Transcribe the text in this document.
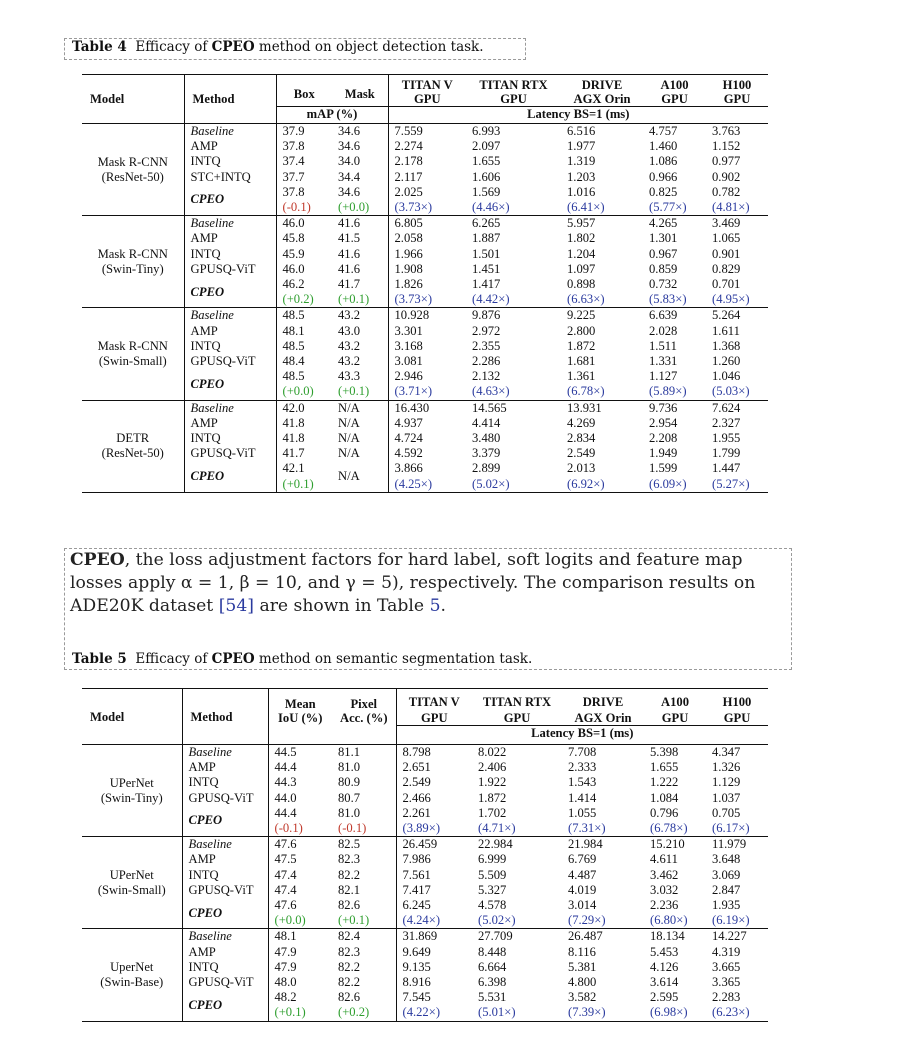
Table 4 Efficacy of CPEO method on object detection task.
Model	Method	Box	Mask	TITAN V	TITAN RTX	DRIVE	A100	H100
				GPU	GPU	AGX Orin	GPU	GPU
		mAP (%)		Latency BS=1 (ms)				

Mask R-CNN
(ResNet-50)	Baseline	37.9	34.6	7.559	6.993	6.516	4.757	3.763
	AMP	37.8	34.6	2.274	2.097	1.977	1.460	1.152
	INTQ	37.4	34.0	2.178	1.655	1.319	1.086	0.977
	STC+INTQ	37.7	34.4	2.117	1.606	1.203	0.966	0.902
	CPEO	37.8	34.6	2.025	1.569	1.016	0.825	0.782
		(-0.1)	(+0.0)	(3.73×)	(4.46×)	(6.41×)	(5.77×)	(4.81×)

Mask R-CNN
(Swin-Tiny)	Baseline	46.0	41.6	6.805	6.265	5.957	4.265	3.469
	AMP	45.8	41.5	2.058	1.887	1.802	1.301	1.065
	INTQ	45.9	41.6	1.966	1.501	1.204	0.967	0.901
	GPUSQ-ViT	46.0	41.6	1.908	1.451	1.097	0.859	0.829
	CPEO	46.2	41.7	1.826	1.417	0.898	0.732	0.701
		(+0.2)	(+0.1)	(3.73×)	(4.42×)	(6.63×)	(5.83×)	(4.95×)

Mask R-CNN
(Swin-Small)	Baseline	48.5	43.2	10.928	9.876	9.225	6.639	5.264
	AMP	48.1	43.0	3.301	2.972	2.800	2.028	1.611
	INTQ	48.5	43.2	3.168	2.355	1.872	1.511	1.368
	GPUSQ-ViT	48.4	43.2	3.081	2.286	1.681	1.331	1.260
	CPEO	48.5	43.3	2.946	2.132	1.361	1.127	1.046
		(+0.0)	(+0.1)	(3.71×)	(4.63×)	(6.78×)	(5.89×)	(5.03×)

DETR
(ResNet-50)	Baseline	42.0	N/A	16.430	14.565	13.931	9.736	7.624
	AMP	41.8	N/A	4.937	4.414	4.269	2.954	2.327
	INTQ	41.8	N/A	4.724	3.480	2.834	2.208	1.955
	GPUSQ-ViT	41.7	N/A	4.592	3.379	2.549	1.949	1.799
	CPEO	42.1	N/A	3.866	2.899	2.013	1.599	1.447
		(+0.1)		(4.25×)	(5.02×)	(6.92×)	(6.09×)	(5.27×)
CPEO, the loss adjustment factors for hard label, soft logits and feature map losses apply α = 1, β = 10, and γ = 5), respectively. The comparison results on ADE20K dataset [54] are shown in Table 5.
Table 5 Efficacy of CPEO method on semantic segmentation task.
Model	Method	Mean	Pixel	TITAN V	TITAN RTX	DRIVE	A100	H100
		IoU (%)	Acc. (%)	GPU	GPU	AGX Orin	GPU	GPU
				Latency BS=1 (ms)				

UPerNet
(Swin-Tiny)	Baseline	44.5	81.1	8.798	8.022	7.708	5.398	4.347
	AMP	44.4	81.0	2.651	2.406	2.333	1.655	1.326
	INTQ	44.3	80.9	2.549	1.922	1.543	1.222	1.129
	GPUSQ-ViT	44.0	80.7	2.466	1.872	1.414	1.084	1.037
	CPEO	44.4	81.0	2.261	1.702	1.055	0.796	0.705
		(-0.1)	(-0.1)	(3.89×)	(4.71×)	(7.31×)	(6.78×)	(6.17×)

UPerNet
(Swin-Small)	Baseline	47.6	82.5	26.459	22.984	21.984	15.210	11.979
	AMP	47.5	82.3	7.986	6.999	6.769	4.611	3.648
	INTQ	47.4	82.2	7.561	5.509	4.487	3.462	3.069
	GPUSQ-ViT	47.4	82.1	7.417	5.327	4.019	3.032	2.847
	CPEO	47.6	82.6	6.245	4.578	3.014	2.236	1.935
		(+0.0)	(+0.1)	(4.24×)	(5.02×)	(7.29×)	(6.80×)	(6.19×)

UperNet
(Swin-Base)	Baseline	48.1	82.4	31.869	27.709	26.487	18.134	14.227
	AMP	47.9	82.3	9.649	8.448	8.116	5.453	4.319
	INTQ	47.9	82.2	9.135	6.664	5.381	4.126	3.665
	GPUSQ-ViT	48.0	82.2	8.916	6.398	4.800	3.614	3.365
	CPEO	48.2	82.6	7.545	5.531	3.582	2.595	2.283
		(+0.1)	(+0.2)	(4.22×)	(5.01×)	(7.39×)	(6.98×)	(6.23×)
